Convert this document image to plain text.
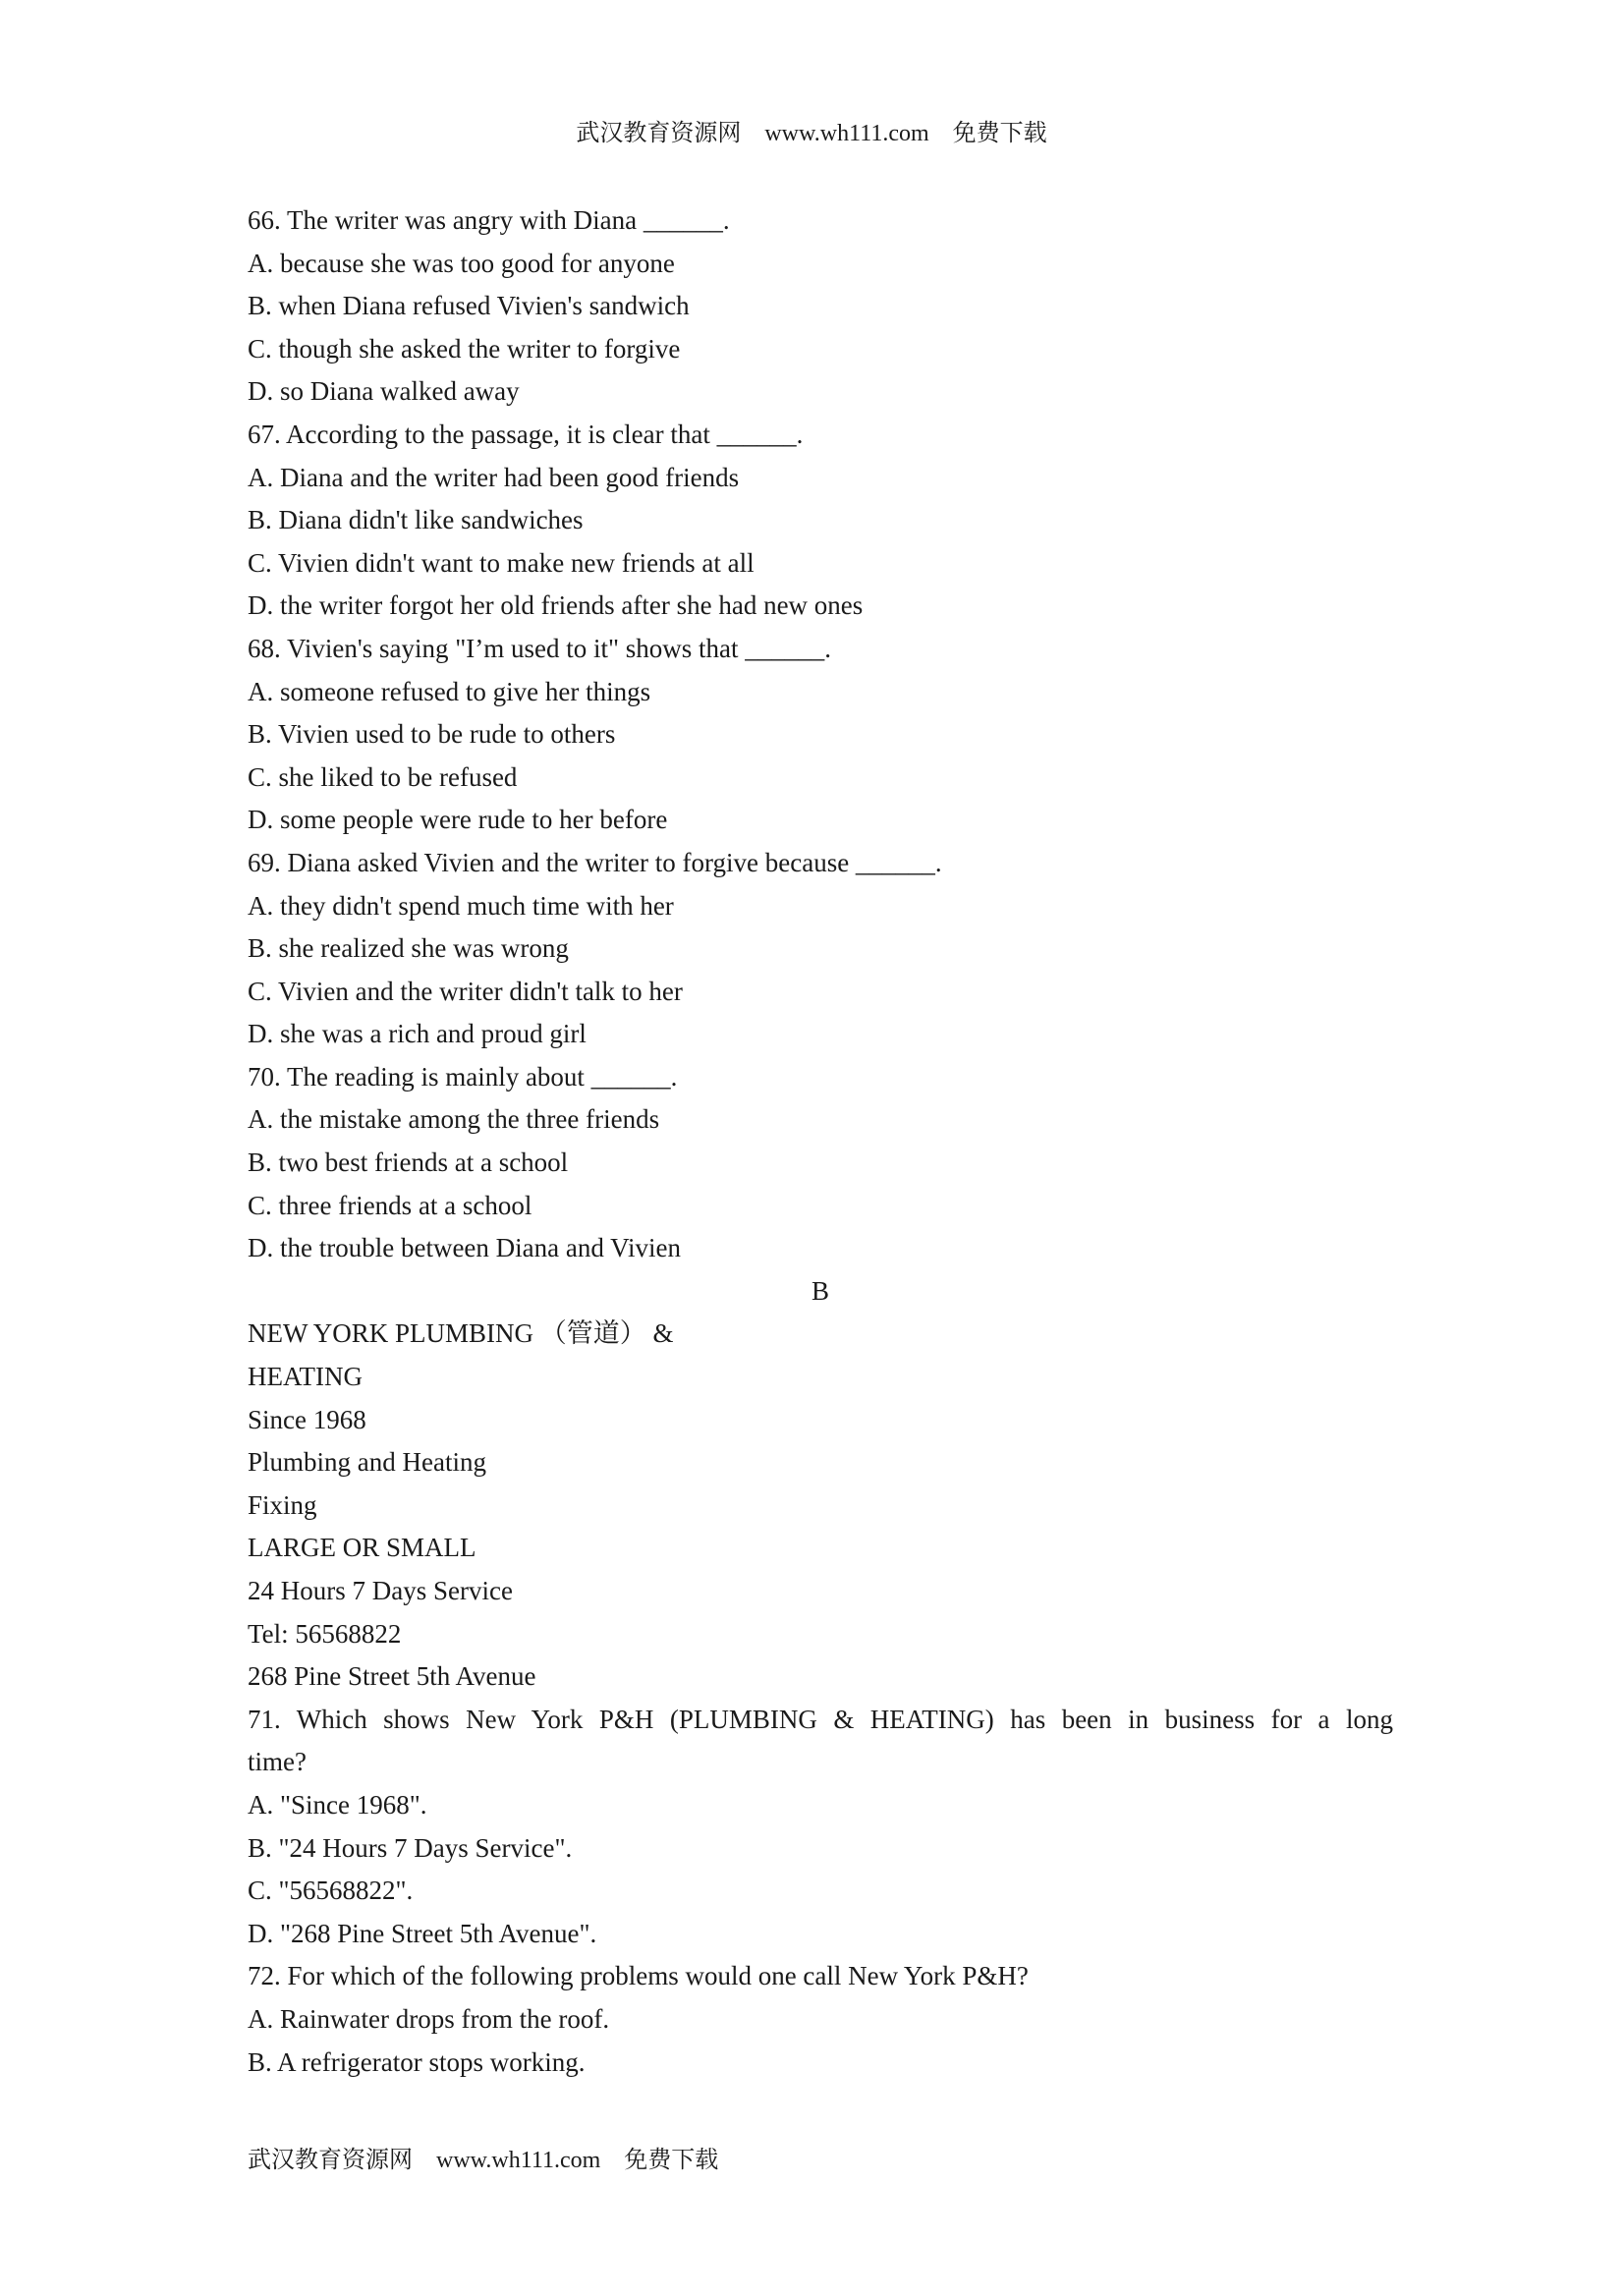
武汉教育资源网    www.wh111.com    免费下载
66. The writer was angry with Diana ______.
A. because she was too good for anyone
B. when Diana refused Vivien's sandwich
C. though she asked the writer to forgive
D. so Diana walked away
67. According to the passage, it is clear that ______.
A. Diana and the writer had been good friends
B. Diana didn't like sandwiches
C. Vivien didn't want to make new friends at all
D. the writer forgot her old friends after she had new ones
68. Vivien's saying "I’m used to it" shows that ______.
A. someone refused to give her things
B. Vivien used to be rude to others
C. she liked to be refused
D. some people were rude to her before
69. Diana asked Vivien and the writer to forgive because ______.
A. they didn't spend much time with her
B. she realized she was wrong
C. Vivien and the writer didn't talk to her
D. she was a rich and proud girl
70. The reading is mainly about ______.
A. the mistake among the three friends
B. two best friends at a school
C. three friends at a school
D. the trouble between Diana and Vivien
B
NEW YORK PLUMBING （管道） &
HEATING
Since 1968
Plumbing and Heating
Fixing
LARGE OR SMALL
24 Hours 7 Days Service
Tel: 56568822
268 Pine Street 5th Avenue
71. Which shows New York P&H (PLUMBING & HEATING) has been in business for a long
time?
A. "Since 1968".
B. "24 Hours 7 Days Service".
C. "56568822".
D. "268 Pine Street 5th Avenue".
72. For which of the following problems would one call New York P&H?
A. Rainwater drops from the roof.
B. A refrigerator stops working.
武汉教育资源网    www.wh111.com    免费下载
